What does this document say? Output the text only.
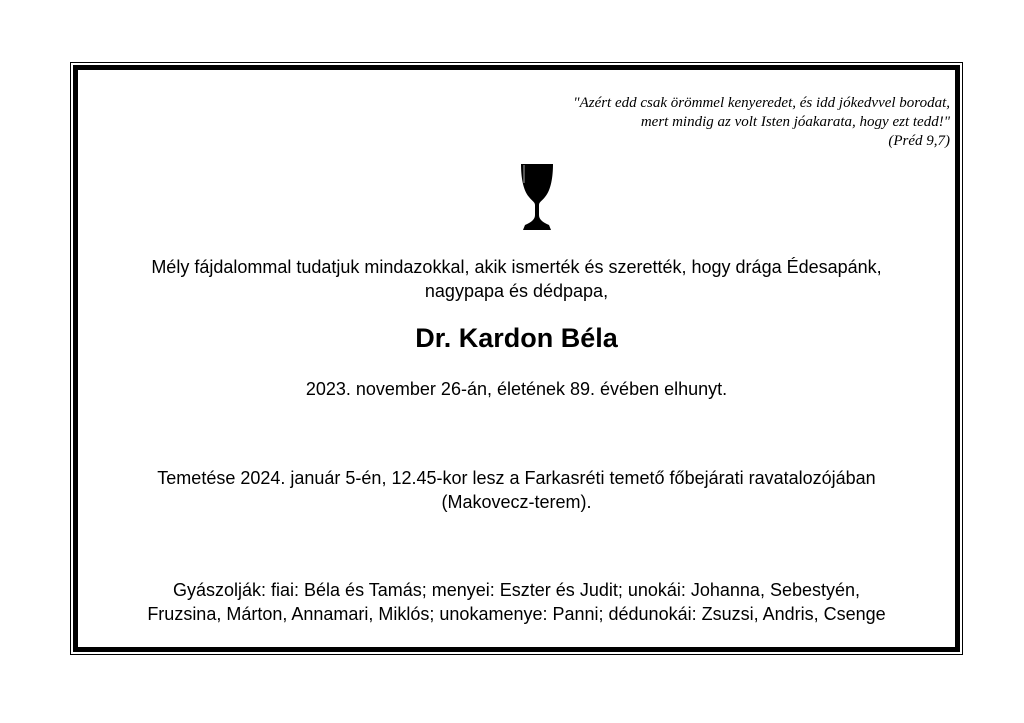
"Azért edd csak örömmel kenyeredet, és idd jókedvvel borodat,
mert mindig az volt Isten jóakarata, hogy ezt tedd!"
(Préd 9,7)
Mély fájdalommal tudatjuk mindazokkal, akik ismerték és szerették, hogy drága Édesapánk,
nagypapa és dédpapa,
Dr. Kardon Béla
2023. november 26-án, életének 89. évében elhunyt.
Temetése 2024. január 5-én, 12.45-kor lesz a Farkasréti temető főbejárati ravatalozójában
(Makovecz-terem).
Gyászolják: fiai: Béla és Tamás; menyei: Eszter és Judit; unokái: Johanna, Sebestyén,
Fruzsina, Márton, Annamari, Miklós; unokamenye: Panni; dédunokái: Zsuzsi, Andris, Csenge
